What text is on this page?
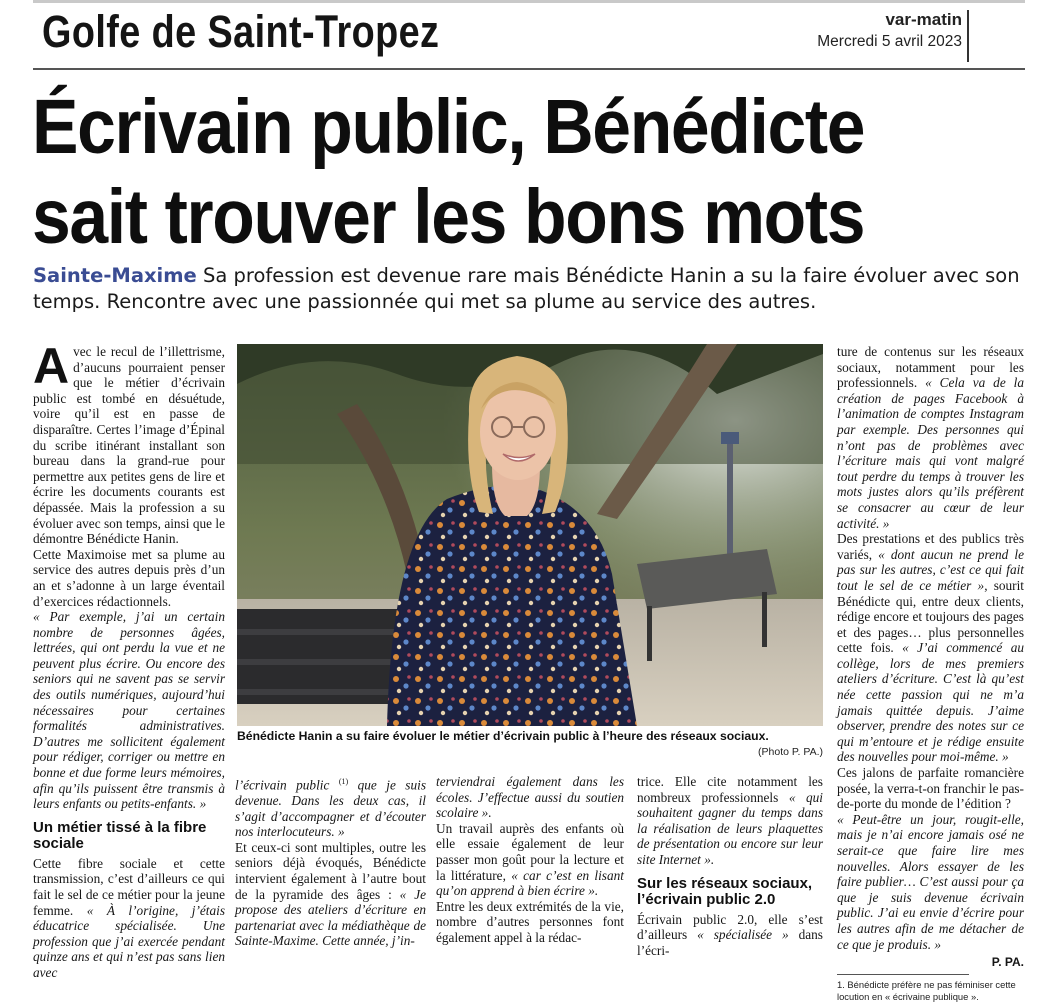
Golfe de Saint-Tropez	var-matin
Mercredi 5 avril 2023
Écrivain public, Bénédicte
sait trouver les bons mots
Sainte-Maxime Sa profession est devenue rare mais Bénédicte Hanin a su la faire évoluer avec son temps. Rencontre avec une passionnée qui met sa plume au service des autres.

Avec le recul de l’illettrisme, d’aucuns pourraient penser que le métier d’écrivain public est tombé en désuétude, voire qu’il est en passe de disparaître. Certes l’image d’Épinal du scribe itinérant installant son bureau dans la grand-rue pour permettre aux petites gens de lire et écrire les documents courants est dépassée. Mais la profession a su évoluer avec son temps, ainsi que le démontre Bénédicte Hanin.

Cette Maximoise met sa plume au service des autres depuis près d’un an et s’adonne à un large éventail d’exercices rédactionnels.

« Par exemple, j’ai un certain nombre de personnes âgées, lettrées, qui ont perdu la vue et ne peuvent plus écrire. Ou encore des seniors qui ne savent pas se servir des outils numériques, aujourd’hui nécessaires pour certaines formalités administratives. D’autres me sollicitent également pour rédiger, corriger ou mettre en bonne et due forme leurs mémoires, afin qu’ils puissent être transmis à leurs enfants ou petits-enfants. »

Un métier tissé à la fibre sociale

Cette fibre sociale et cette transmission, c’est d’ailleurs ce qui fait le sel de ce métier pour la jeune femme. « À l’origine, j’étais éducatrice spécialisée. Une profession que j’ai exercée pendant quinze ans et qui n’est pas sans lien avec

Bénédicte Hanin a su faire évoluer le métier d’écrivain public à l’heure des réseaux sociaux.
(Photo P. PA.)

l’écrivain public $^{(1)}$ que je suis devenue. Dans les deux cas, il s’agit d’accompagner et d’écouter nos interlocuteurs. »

Et ceux-ci sont multiples, outre les seniors déjà évoqués, Bénédicte intervient également à l’autre bout de la pyramide des âges : « Je propose des ateliers d’écriture en partenariat avec la médiathèque de Sainte-Maxime. Cette année, j’in-

terviendrai également dans les écoles. J’effectue aussi du soutien scolaire ».

Un travail auprès des enfants où elle essaie également de leur passer mon goût pour la lecture et la littérature, « car c’est en lisant qu’on apprend à bien écrire ».

Entre les deux extrémités de la vie, nombre d’autres personnes font également appel à la rédac-

trice. Elle cite notamment les nombreux professionnels « qui souhaitent gagner du temps dans la réalisation de leurs plaquettes de présentation ou encore sur leur site Internet ».

Sur les réseaux sociaux, l’écrivain public 2.0

Écrivain public 2.0, elle s’est d’ailleurs « spécialisée » dans l’écri-

ture de contenus sur les réseaux sociaux, notamment pour les professionnels. « Cela va de la création de pages Facebook à l’animation de comptes Instagram par exemple. Des personnes qui n’ont pas de problèmes avec l’écriture mais qui vont malgré tout perdre du temps à trouver les mots justes alors qu’ils préfèrent se consacrer au cœur de leur activité. »

Des prestations et des publics très variés, « dont aucun ne prend le pas sur les autres, c’est ce qui fait tout le sel de ce métier », sourit Bénédicte qui, entre deux clients, rédige encore et toujours des pages et des pages… plus personnelles cette fois. « J’ai commencé au collège, lors de mes premiers ateliers d’écriture. C’est là qu’est née cette passion qui ne m’a jamais quittée depuis. J’aime observer, prendre des notes sur ce qui m’entoure et je rédige ensuite des nouvelles pour moi-même. »

Ces jalons de parfaite romancière posée, la verra-t-on franchir le pas-de-porte du monde de l’édition ?

« Peut-être un jour, rougit-elle, mais je n’ai encore jamais osé ne serait-ce que faire lire mes nouvelles. Alors essayer de les faire publier… C’est aussi pour ça que je suis devenue écrivain public. J’ai eu envie d’écrire pour les autres afin de me détacher de ce que je produis. »

P. PA.
1. Bénédicte préfère ne pas féminiser cette locution en « écrivaine publique ».
